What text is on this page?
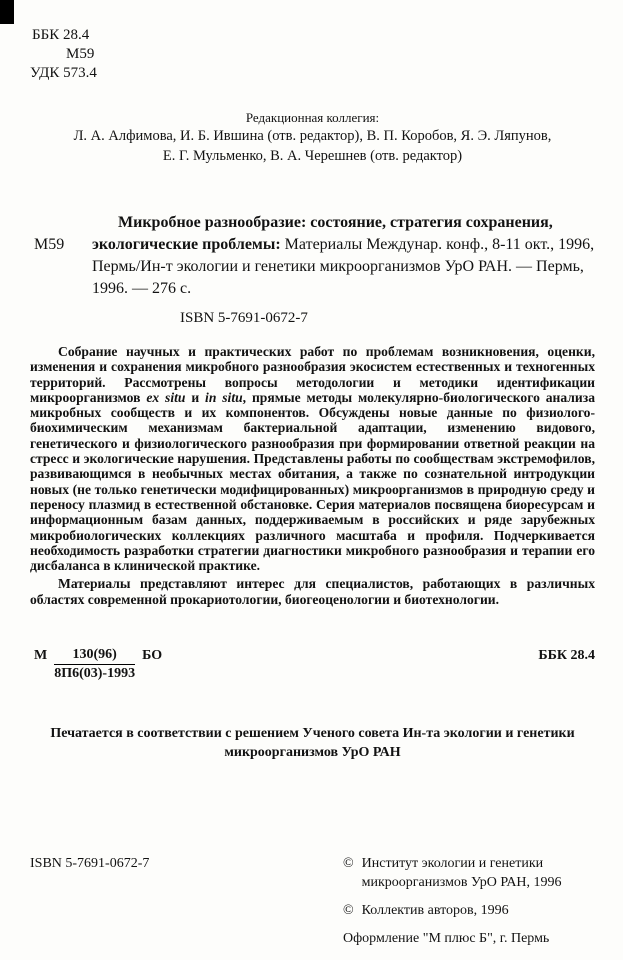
ББК 28.4
М59
УДК 573.4
Редакционная коллегия:
Л. А. Алфимова, И. Б. Ившина (отв. редактор), В. П. Коробов, Я. Э. Ляпунов,
Е. Г. Мульменко, В. А. Черешнев (отв. редактор)
М59

Микробное разнообразие: состояние, стратегия сохранения, экологические проблемы: Материалы Междунар. конф., 8-11 окт., 1996, Пермь/Ин-т экологии и генетики микроорганизмов УрО РАН. — Пермь, 1996. — 276 с.

ISBN 5-7691-0672-7

Собрание научных и практических работ по проблемам возникновения, оценки, изменения и сохранения микробного разнообразия экосистем естественных и техногенных территорий. Рассмотрены вопросы методологии и методики идентификации микроорганизмов ex situ и in situ, прямые методы молекулярно-биологического анализа микробных сообществ и их компонентов. Обсуждены новые данные по физиолого-биохимическим механизмам бактериальной адаптации, изменению видового, генетического и физиологического разнообразия при формировании ответной реакции на стресс и экологические нарушения. Представлены работы по сообществам экстремофилов, развивающимся в необычных местах обитания, а также по сознательной интродукции новых (не только генетически модифицированных) микроорганизмов в природную среду и переносу плазмид в естественной обстановке. Серия материалов посвящена биоресурсам и информационным базам данных, поддерживаемым в российских и ряде зарубежных микробиологических коллекциях различного масштаба и профиля. Подчеркивается необходимость разработки стратегии диагностики микробного разнообразия и терапии его дисбаланса в клинической практике.

Материалы представляют интерес для специалистов, работающих в различных областях современной прокариотологии, биогеоценологии и биотехнологии.

М $\frac{130(96)}{8П6(03)-1993}$ БО	ББК 28.4
Печатается в соответствии с решением Ученого совета Ин-та экологии и генетики микроорганизмов УрО РАН
ISBN 5-7691-0672-7	© Институт экологии и генетики микроорганизмов УрО РАН, 1996
© Коллектив авторов, 1996
Оформление "М плюс Б", г. Пермь
